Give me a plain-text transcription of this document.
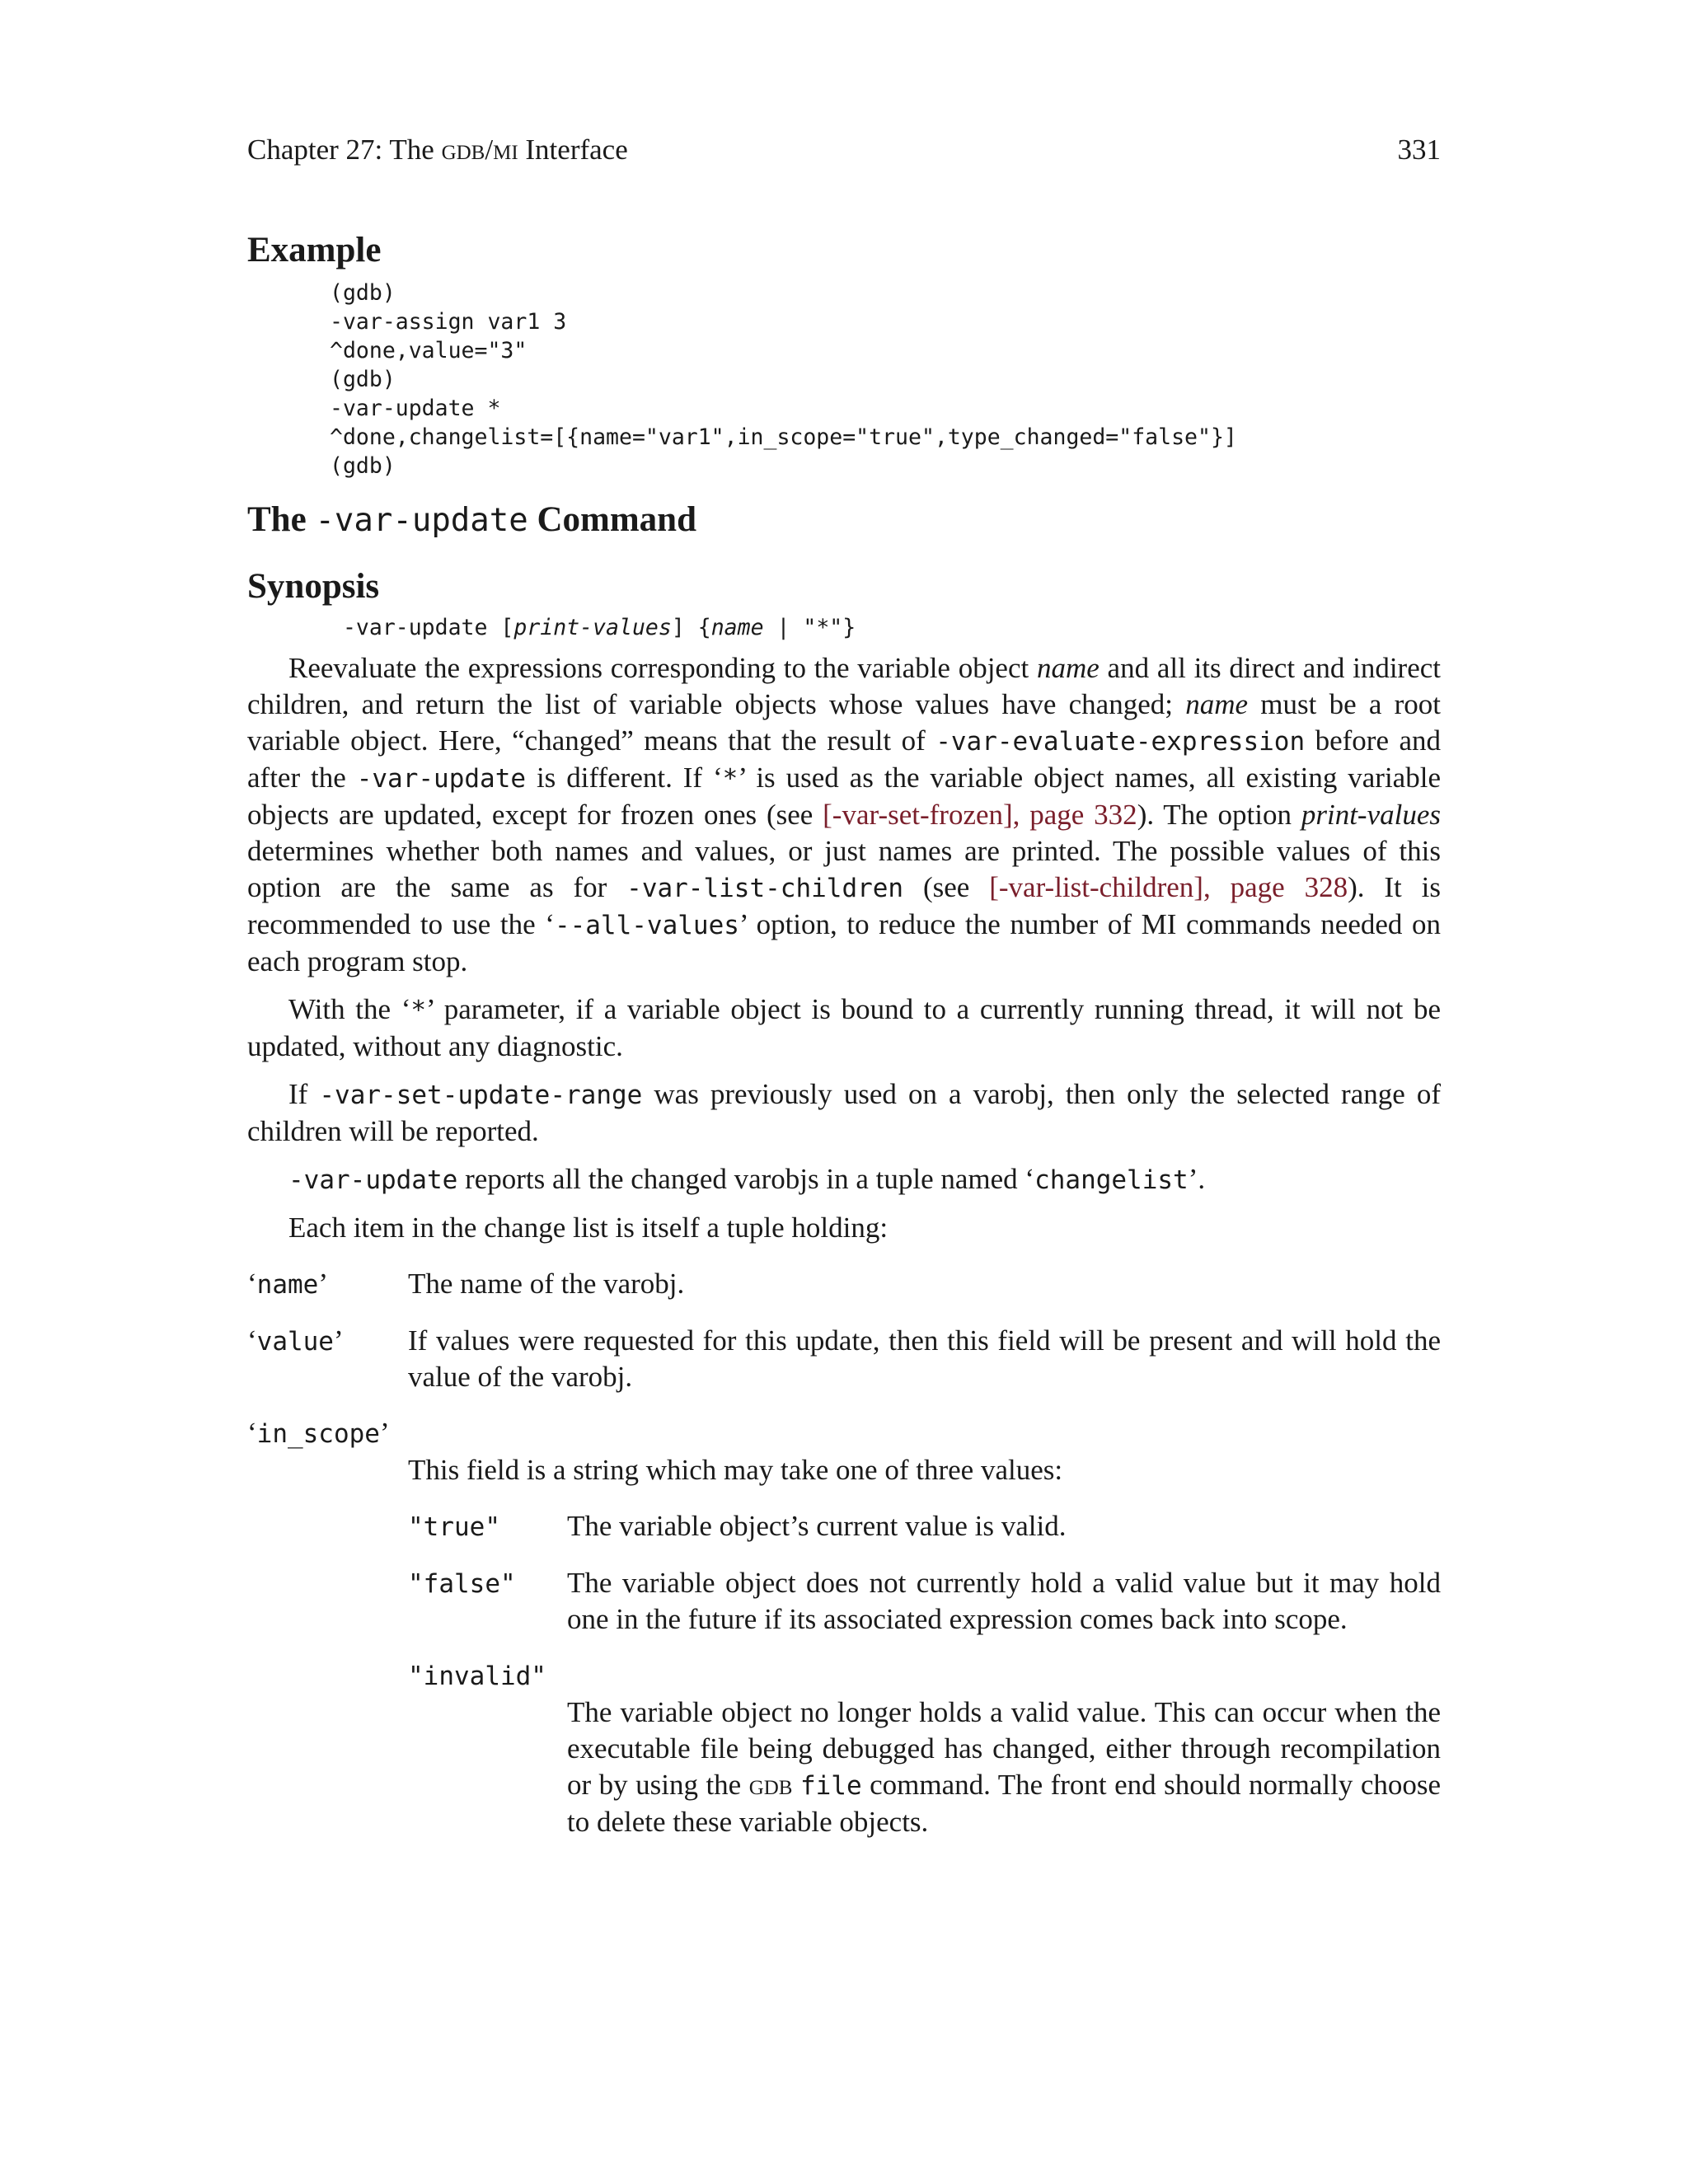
Chapter 27: The gdb/mi Interface	331
Example
(gdb)
-var-assign var1 3
^done,value="3"
(gdb)
-var-update *
^done,changelist=[{name="var1",in_scope="true",type_changed="false"}]
(gdb)
The -var-update Command
Synopsis
-var-update [print-values] {name | "*"}

Reevaluate the expressions corresponding to the variable object name and all its direct and indirect children, and return the list of variable objects whose values have changed; name must be a root variable object. Here, “changed” means that the result of -var-evaluate-expression before and after the -var-update is different. If ‘*’ is used as the variable object names, all existing variable objects are updated, except for frozen ones (see [-var-set-frozen], page 332). The option print-values determines whether both names and values, or just names are printed. The possible values of this option are the same as for -var-list-children (see [-var-list-children], page 328). It is recommended to use the ‘--all-values’ option, to reduce the number of MI commands needed on each program stop.

With the ‘*’ parameter, if a variable object is bound to a currently running thread, it will not be updated, without any diagnostic.

If -var-set-update-range was previously used on a varobj, then only the selected range of children will be reported.

-var-update reports all the changed varobjs in a tuple named ‘changelist’.

Each item in the change list is itself a tuple holding:

‘name’	The name of the varobj.
‘value’	If values were requested for this update, then this field will be present and will hold the value of the varobj.
‘in_scope’
This field is a string which may take one of three values:
"true"	The variable object’s current value is valid.
"false"	The variable object does not currently hold a valid value but it may hold one in the future if its associated expression comes back into scope.
"invalid"
The variable object no longer holds a valid value. This can occur when the executable file being debugged has changed, either through recompilation or by using the gdb file command. The front end should normally choose to delete these variable objects.
